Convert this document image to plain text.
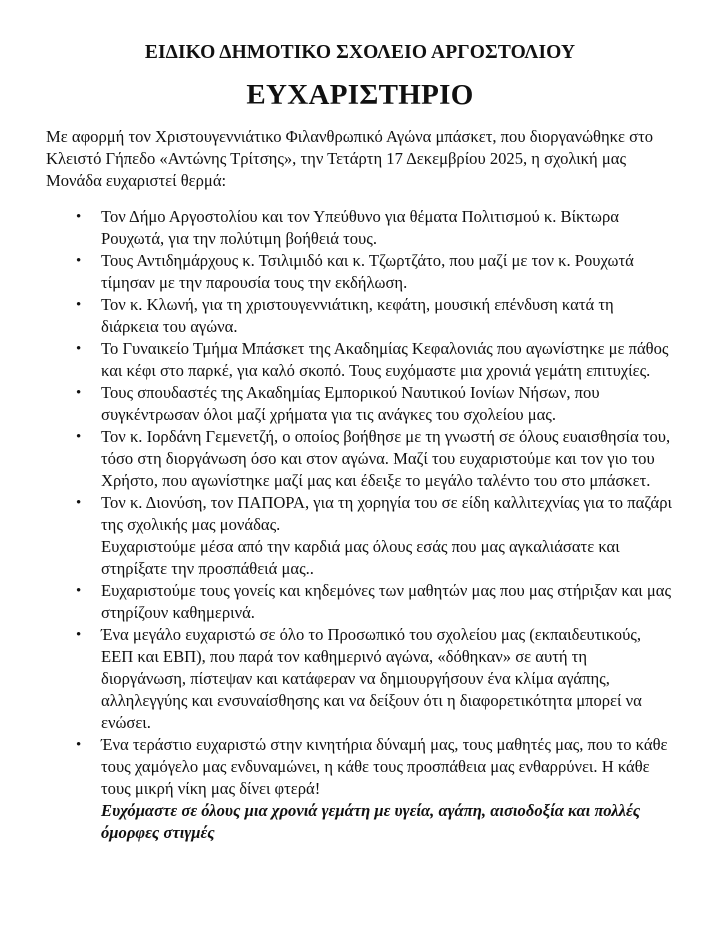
ΕΙΔΙΚΟ ΔΗΜΟΤΙΚΟ ΣΧΟΛΕΙΟ ΑΡΓΟΣΤΟΛΙΟΥ
ΕΥΧΑΡΙΣΤΗΡΙΟ

Με αφορμή τον Χριστουγεννιάτικο Φιλανθρωπικό Αγώνα μπάσκετ, που διοργανώθηκε στο Κλειστό Γήπεδο «Αντώνης Τρίτσης», την Τετάρτη 17 Δεκεμβρίου 2025, η σχολική μας Μονάδα ευχαριστεί θερμά:

• Τον Δήμο Αργοστολίου και τον Υπεύθυνο για θέματα Πολιτισμού κ. Βίκτωρα Ρουχωτά, για την πολύτιμη βοήθειά τους.
• Τους Αντιδημάρχους κ. Τσιλιμιδό και κ. Τζωρτζάτο, που μαζί με τον κ. Ρουχωτά τίμησαν με την παρουσία τους την εκδήλωση.
• Τον κ. Κλωνή, για τη χριστουγεννιάτικη, κεφάτη, μουσική επένδυση κατά τη διάρκεια του αγώνα.
• Το Γυναικείο Τμήμα Μπάσκετ της Ακαδημίας Κεφαλονιάς που αγωνίστηκε με πάθος και κέφι στο παρκέ, για καλό σκοπό. Τους ευχόμαστε μια χρονιά γεμάτη επιτυχίες.
• Τους σπουδαστές της Ακαδημίας Εμπορικού Ναυτικού Ιονίων Νήσων, που συγκέντρωσαν όλοι μαζί χρήματα για τις ανάγκες του σχολείου μας.
• Τον κ. Ιορδάνη Γεμενετζή, ο οποίος βοήθησε με τη γνωστή σε όλους ευαισθησία του, τόσο στη διοργάνωση όσο και στον αγώνα. Μαζί του ευχαριστούμε και τον γιο του Χρήστο, που αγωνίστηκε μαζί μας και έδειξε το μεγάλο ταλέντο του στο μπάσκετ.
• Τον κ. Διονύση, τον ΠΑΠΟΡΑ, για τη χορηγία του σε είδη καλλιτεχνίας για το παζάρι της σχολικής μας μονάδας.
Ευχαριστούμε μέσα από την καρδιά μας όλους εσάς που μας αγκαλιάσατε και στηρίξατε την προσπάθειά μας..
• Ευχαριστούμε τους γονείς και κηδεμόνες των μαθητών μας που μας στήριξαν και μας στηρίζουν καθημερινά.
• Ένα μεγάλο ευχαριστώ σε όλο το Προσωπικό του σχολείου μας (εκπαιδευτικούς, ΕΕΠ και ΕΒΠ), που παρά τον καθημερινό αγώνα, «δόθηκαν» σε αυτή τη διοργάνωση, πίστεψαν και κατάφεραν να δημιουργήσουν ένα κλίμα αγάπης, αλληλεγγύης και ενσυναίσθησης και να δείξουν ότι η διαφορετικότητα μπορεί να ενώσει.
• Ένα τεράστιο ευχαριστώ στην κινητήρια δύναμή μας, τους μαθητές μας, που το κάθε τους χαμόγελο μας ενδυναμώνει, η κάθε τους προσπάθεια μας ενθαρρύνει. Η κάθε τους μικρή νίκη μας δίνει φτερά!
Ευχόμαστε σε όλους μια χρονιά γεμάτη με υγεία, αγάπη, αισιοδοξία και πολλές όμορφες στιγμές
